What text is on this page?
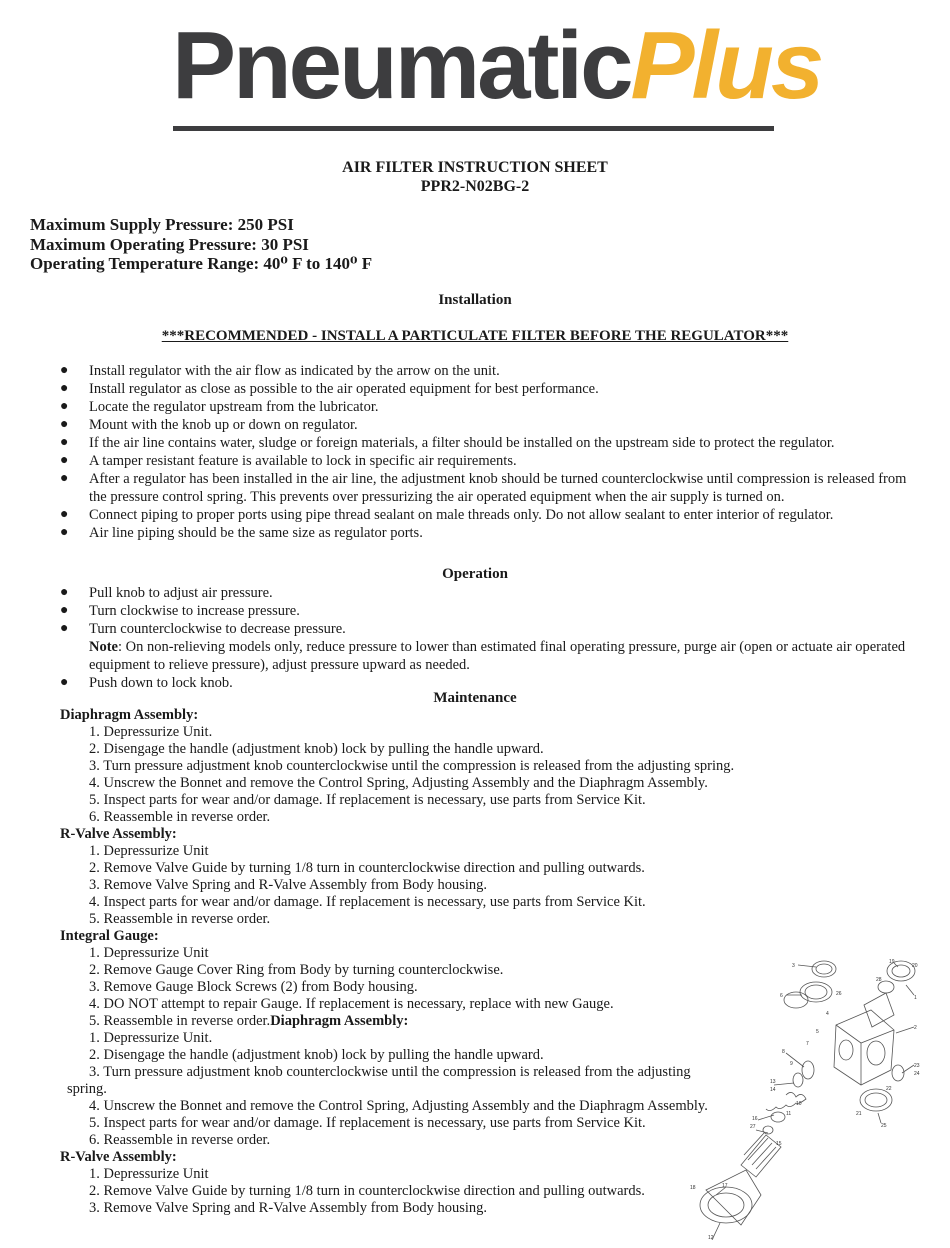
PneumaticPlus
AIR FILTER INSTRUCTION SHEET
PPR2-N02BG-2
Maximum Supply Pressure: 250 PSI
Maximum Operating Pressure: 30 PSI
Operating Temperature Range: 40⁰ F to 140⁰ F
Installation
***RECOMMENDED - INSTALL A PARTICULATE FILTER BEFORE THE REGULATOR***
● Install regulator with the air flow as indicated by the arrow on the unit.
● Install regulator as close as possible to the air operated equipment for best performance.
● Locate the regulator upstream from the lubricator.
● Mount with the knob up or down on regulator.
● If the air line contains water, sludge or foreign materials, a filter should be installed on the upstream side to protect the regulator.
● A tamper resistant feature is available to lock in specific air requirements.
● After a regulator has been installed in the air line, the adjustment knob should be turned counterclockwise until compression is released from the pressure control spring. This prevents over pressurizing the air operated equipment when the air supply is turned on.
● Connect piping to proper ports using pipe thread sealant on male threads only. Do not allow sealant to enter interior of regulator.
● Air line piping should be the same size as regulator ports.
Operation
● Pull knob to adjust air pressure.
● Turn clockwise to increase pressure.
● Turn counterclockwise to decrease pressure.
Note: On non-relieving models only, reduce pressure to lower than estimated final operating pressure, purge air (open or actuate air operated equipment to relieve pressure), adjust pressure upward as needed.
● Push down to lock knob.
Maintenance
Diaphragm Assembly:
1. Depressurize Unit.
2. Disengage the handle (adjustment knob) lock by pulling the handle upward.
3. Turn pressure adjustment knob counterclockwise until the compression is released from the adjusting spring.
4. Unscrew the Bonnet and remove the Control Spring, Adjusting Assembly and the Diaphragm Assembly.
5. Inspect parts for wear and/or damage. If replacement is necessary, use parts from Service Kit.
6. Reassemble in reverse order.
R-Valve Assembly:
1. Depressurize Unit
2. Remove Valve Guide by turning 1/8 turn in counterclockwise direction and pulling outwards.
3. Remove Valve Spring and R-Valve Assembly from Body housing.
4. Inspect parts for wear and/or damage. If replacement is necessary, use parts from Service Kit.
5. Reassemble in reverse order.
Integral Gauge:
1. Depressurize Unit
2. Remove Gauge Cover Ring from Body by turning counterclockwise.
3. Remove Gauge Block Screws (2) from Body housing.
4. DO NOT attempt to repair Gauge. If replacement is necessary, replace with new Gauge.
5. Reassemble in reverse order.Diaphragm Assembly:
1. Depressurize Unit.
2. Disengage the handle (adjustment knob) lock by pulling the handle upward.
3. Turn pressure adjustment knob counterclockwise until the compression is released from the adjusting spring.
4. Unscrew the Bonnet and remove the Control Spring, Adjusting Assembly and the Diaphragm Assembly.
5. Inspect parts for wear and/or damage. If replacement is necessary, use parts from Service Kit.
6. Reassemble in reverse order.
R-Valve Assembly:
1. Depressurize Unit
2. Remove Valve Guide by turning 1/8 turn in counterclockwise direction and pulling outwards.
3. Remove Valve Spring and R-Valve Assembly from Body housing.
3
6
19
20
1
2
23
24
25
8
9
13
14
16
27
17
12
18
28
26
4
5
7
10
11	21
22
15
